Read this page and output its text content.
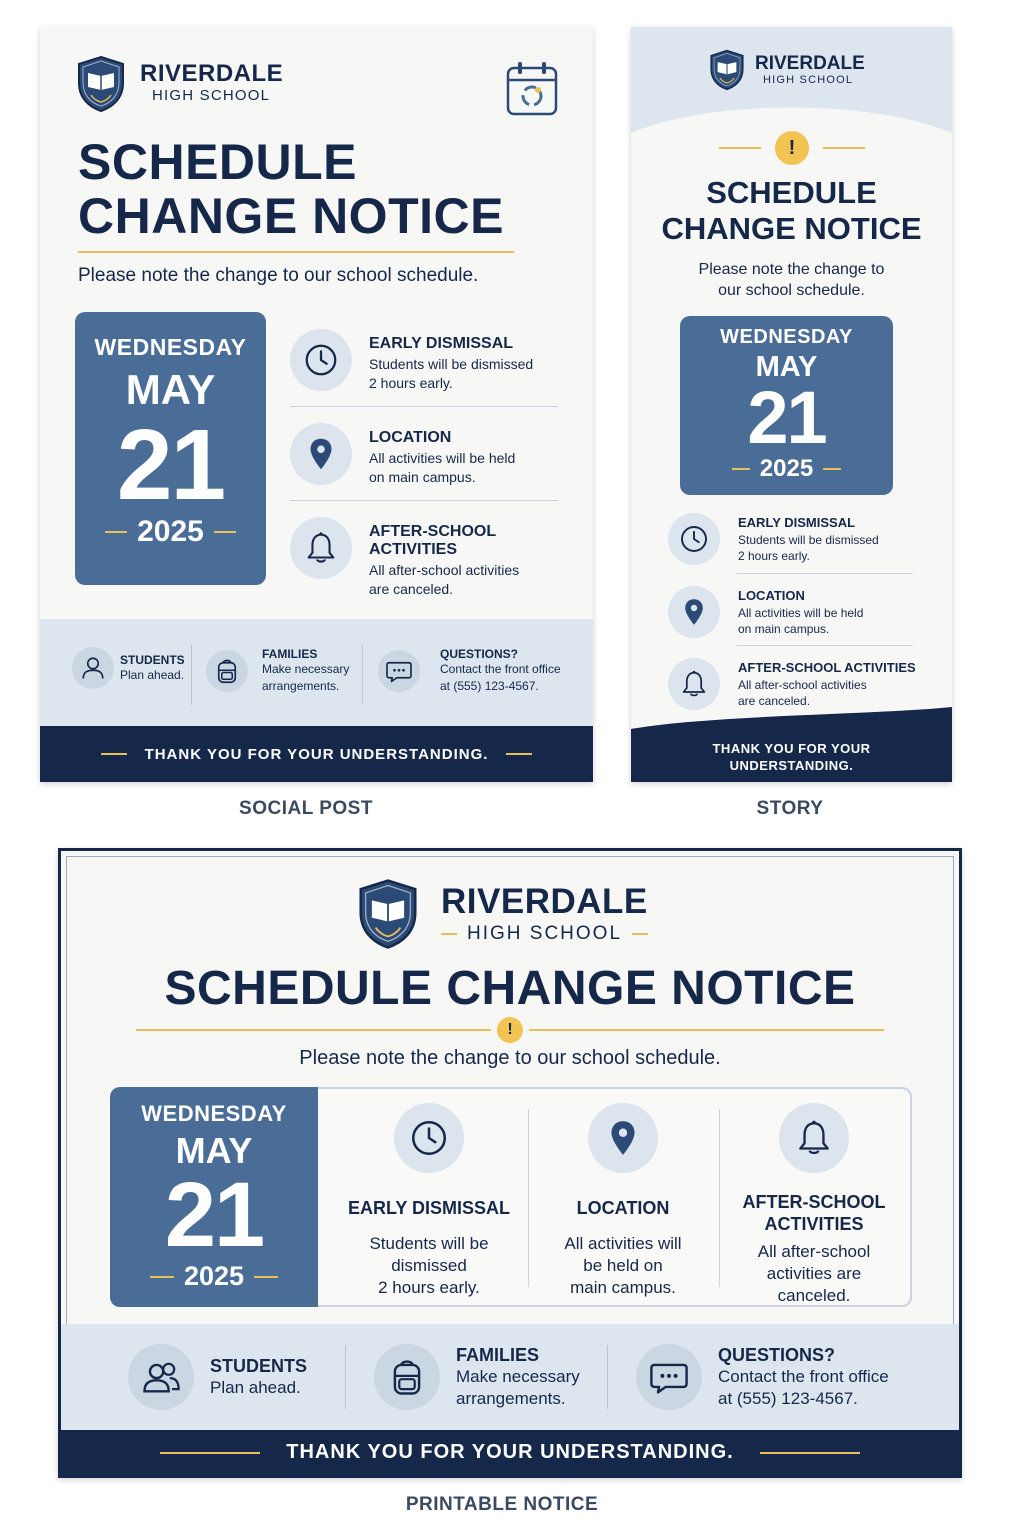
RIVERDALE
HIGH SCHOOL
SCHEDULE
CHANGE NOTICE
Please note the change to our school schedule.
WEDNESDAY
MAY
21
2025
EARLY DISMISSAL
Students will be dismissed
2 hours early.
LOCATION
All activities will be held
on main campus.
AFTER-SCHOOL ACTIVITIES
All after-school activities
are canceled.
STUDENTS
Plan ahead.
FAMILIES
Make necessary
arrangements.
QUESTIONS?
Contact the front office
at (555) 123-4567.
THANK YOU FOR YOUR UNDERSTANDING.
RIVERDALE
HIGH SCHOOL
!
SCHEDULE
CHANGE NOTICE
Please note the change to
our school schedule.
WEDNESDAY
MAY
21
2025
EARLY DISMISSAL
Students will be dismissed
2 hours early.
LOCATION
All activities will be held
on main campus.
AFTER-SCHOOL ACTIVITIES
All after-school activities
are canceled.
THANK YOU FOR YOUR
UNDERSTANDING.
SOCIAL POST	STORY
RIVERDALE
HIGH SCHOOL
SCHEDULE CHANGE NOTICE
!
Please note the change to our school schedule.
WEDNESDAY
MAY
21
2025
EARLY DISMISSAL
Students will be
dismissed
2 hours early.
LOCATION
All activities will
be held on
main campus.
AFTER-SCHOOL
ACTIVITIES
All after-school
activities are
canceled.
STUDENTS
Plan ahead.
FAMILIES
Make necessary
arrangements.
QUESTIONS?
Contact the front office
at (555) 123-4567.
THANK YOU FOR YOUR UNDERSTANDING.
PRINTABLE NOTICE
